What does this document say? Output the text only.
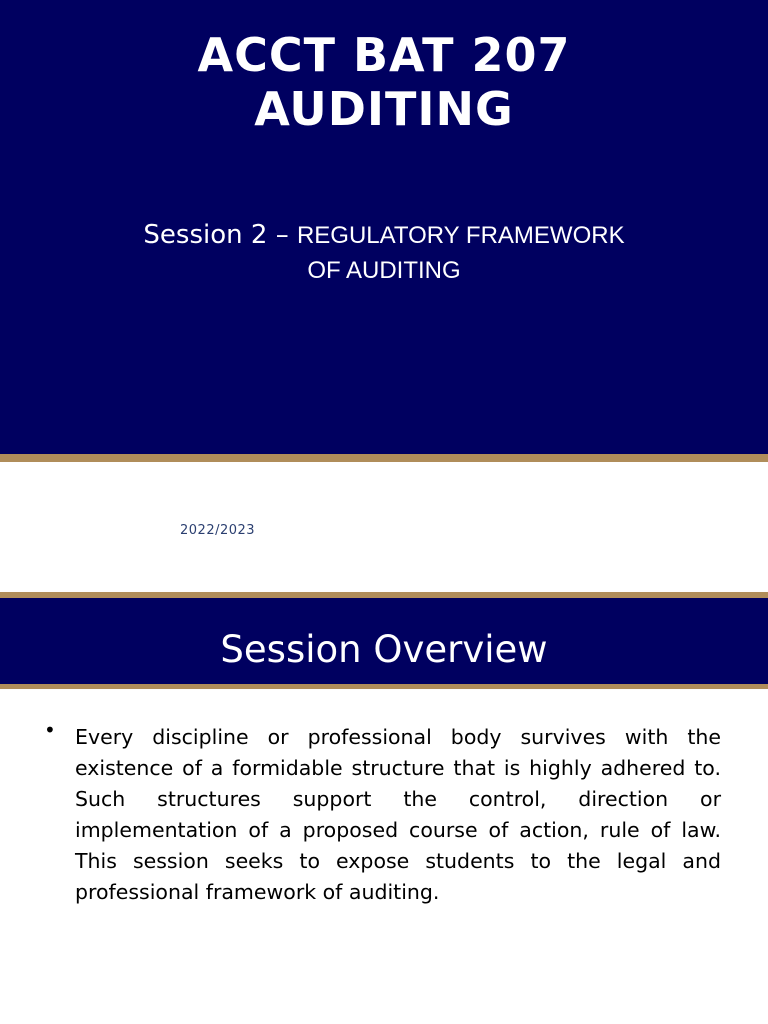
ACCT BAT 207
AUDITING
Session 2 – REGULATORY FRAMEWORK
OF AUDITING
2022/2023
Session Overview
• Every discipline or professional body survives with the existence of a formidable structure that is highly adhered to. Such structures support the control, direction or implementation of a proposed course of action, rule of law. This session seeks to expose students to the legal and professional framework of auditing.
